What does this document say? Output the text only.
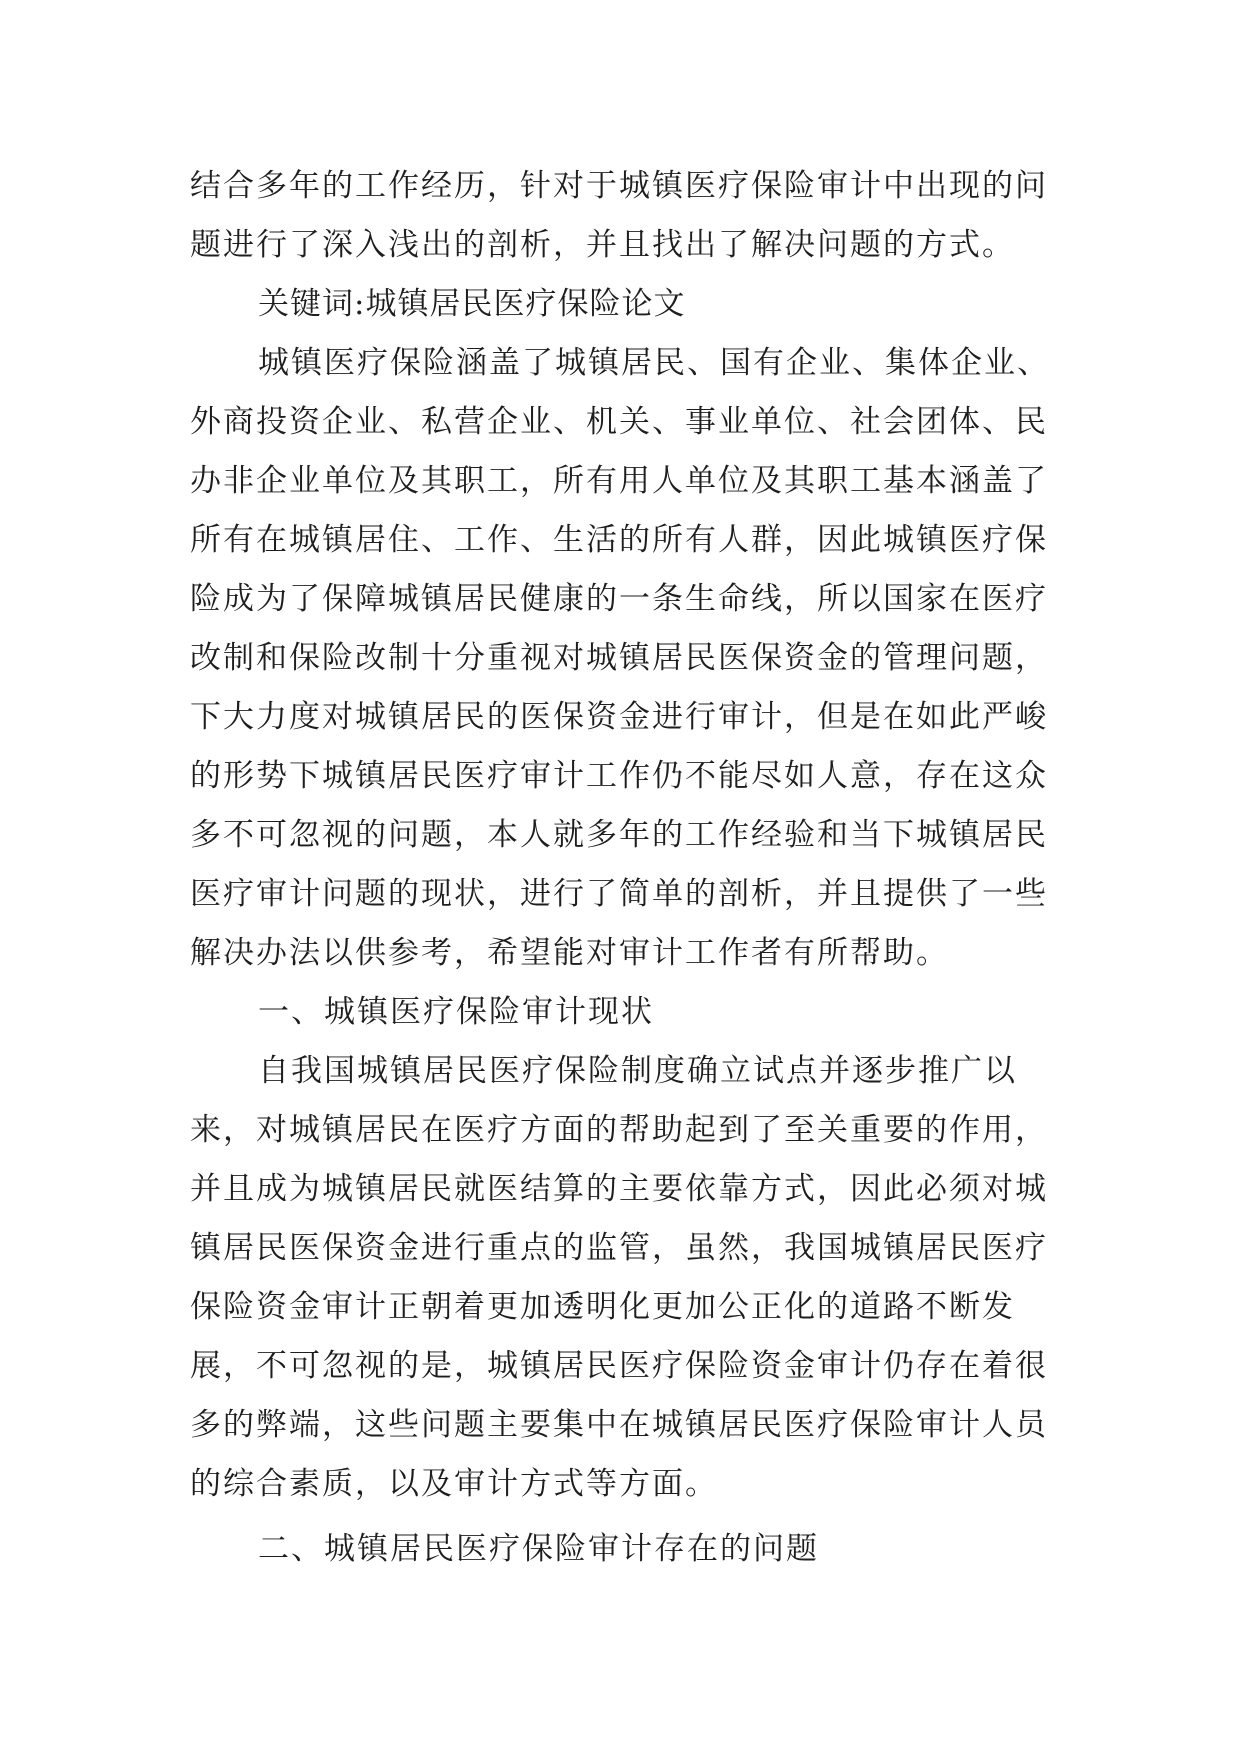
结合多年的工作经历，针对于城镇医疗保险审计中出现的问
题进行了深入浅出的剖析，并且找出了解决问题的方式。
关键词:城镇居民医疗保险论文
城镇医疗保险涵盖了城镇居民、国有企业、集体企业、
外商投资企业、私营企业、机关、事业单位、社会团体、民
办非企业单位及其职工，所有用人单位及其职工基本涵盖了
所有在城镇居住、工作、生活的所有人群，因此城镇医疗保
险成为了保障城镇居民健康的一条生命线，所以国家在医疗
改制和保险改制十分重视对城镇居民医保资金的管理问题，
下大力度对城镇居民的医保资金进行审计，但是在如此严峻
的形势下城镇居民医疗审计工作仍不能尽如人意，存在这众
多不可忽视的问题，本人就多年的工作经验和当下城镇居民
医疗审计问题的现状，进行了简单的剖析，并且提供了一些
解决办法以供参考，希望能对审计工作者有所帮助。
一、城镇医疗保险审计现状
自我国城镇居民医疗保险制度确立试点并逐步推广以
来，对城镇居民在医疗方面的帮助起到了至关重要的作用，
并且成为城镇居民就医结算的主要依靠方式，因此必须对城
镇居民医保资金进行重点的监管，虽然，我国城镇居民医疗
保险资金审计正朝着更加透明化更加公正化的道路不断发
展，不可忽视的是，城镇居民医疗保险资金审计仍存在着很
多的弊端，这些问题主要集中在城镇居民医疗保险审计人员
的综合素质，以及审计方式等方面。
二、城镇居民医疗保险审计存在的问题
